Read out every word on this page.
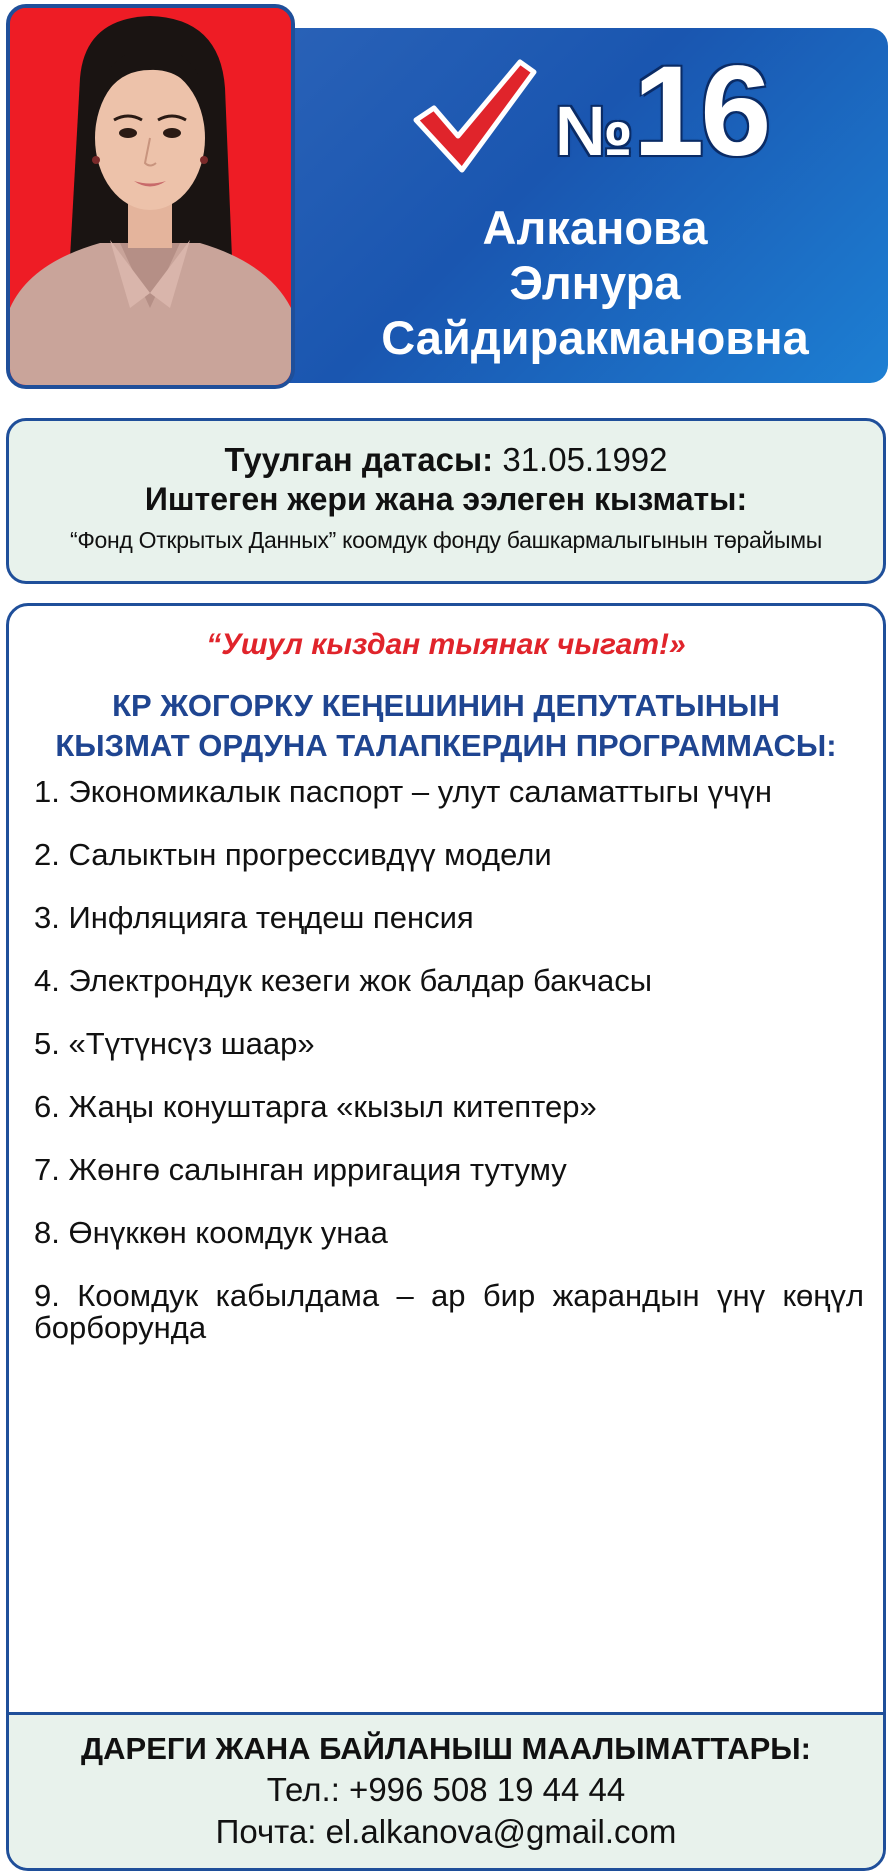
№16
Алканова
Элнура
Сайдиракмановна
Туулган датасы: 31.05.1992
Иштеген жери жана ээлеген кызматы:
“Фонд Открытых Данных” коомдук фонду башкармалыгынын төрайымы
“Ушул кыздан тыянак чыгат!»
КР ЖОГОРКУ КЕҢЕШИНИН ДЕПУТАТЫНЫН
КЫЗМАТ ОРДУНА ТАЛАПКЕРДИН ПРОГРАММАСЫ:
1. Экономикалык паспорт – улут саламаттыгы үчүн
2. Салыктын прогрессивдүү модели
3. Инфляцияга теңдеш пенсия
4. Электрондук кезеги жок балдар бакчасы
5. «Түтүнсүз шаар»
6. Жаңы конуштарга «кызыл китептер»
7. Жөнгө салынган ирригация тутуму
8. Өнүккөн коомдук унаа
9. Коомдук кабылдама – ар бир жарандын үнү көңүл борборунда
ДАРЕГИ ЖАНА БАЙЛАНЫШ МААЛЫМАТТАРЫ:
Тел.: +996 508 19 44 44
Почта: el.alkanova@gmail.com
